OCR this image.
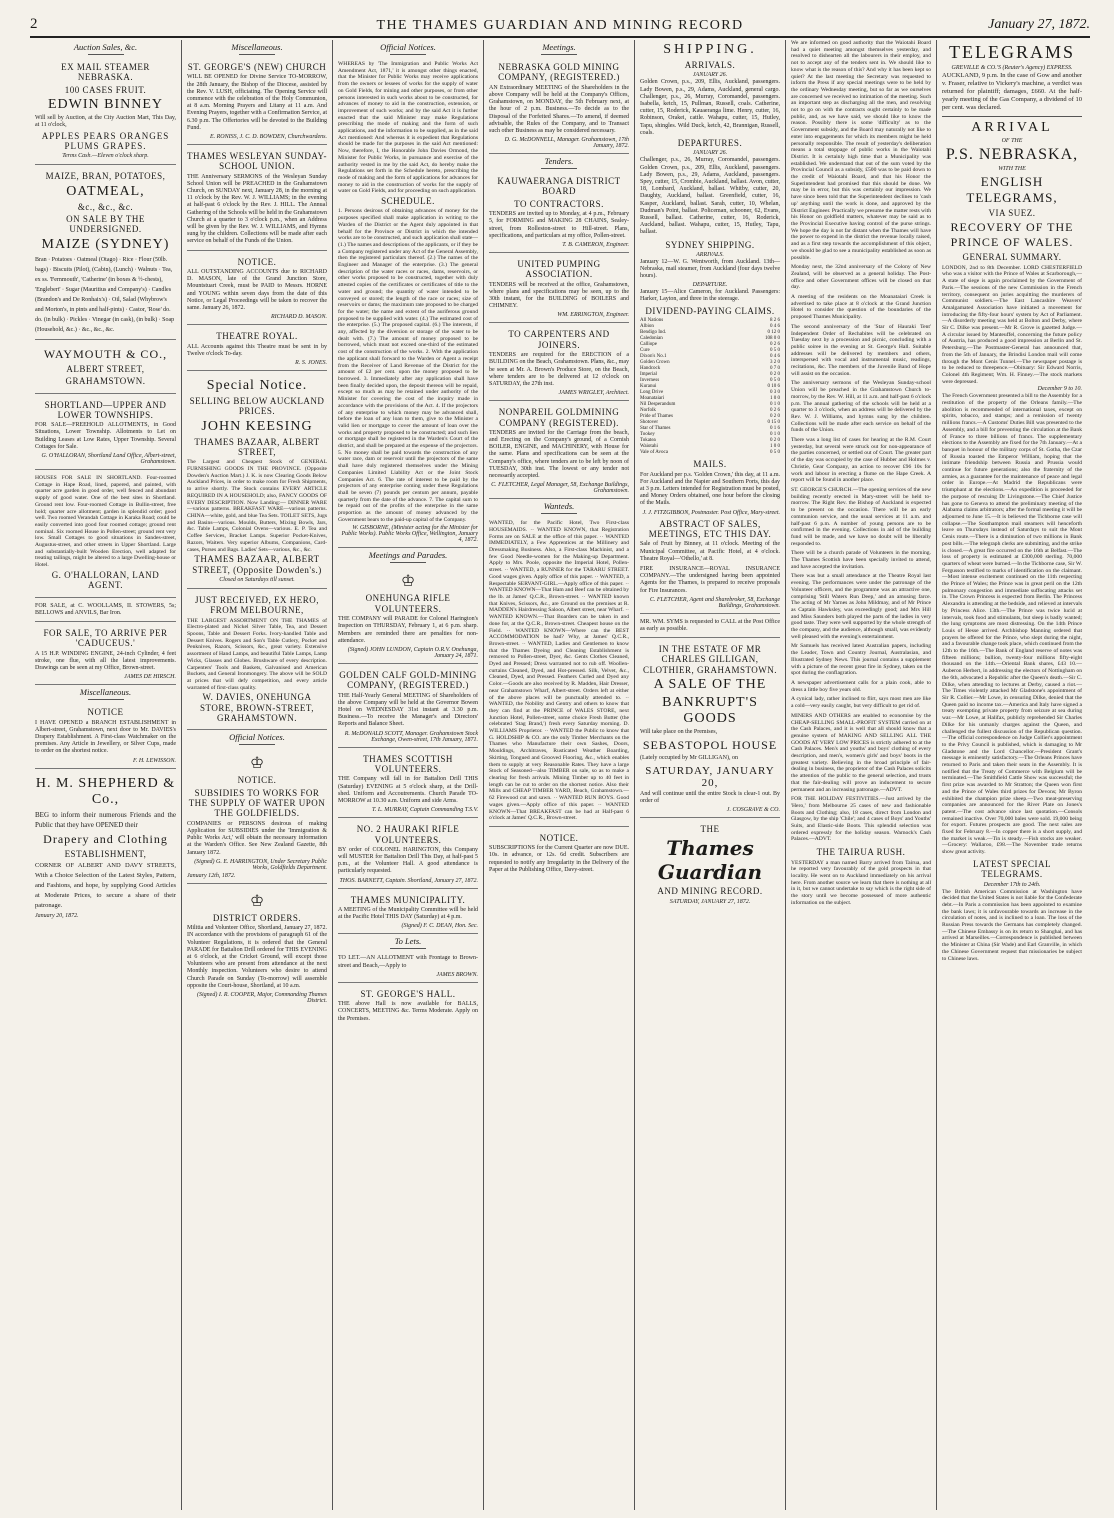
2	THE THAMES GUARDIAN AND MINING RECORD	January 27, 1872.
Auction Sales, &c.
EX MAIL STEAMER NEBRASKA.
100 CASES FRUIT.
EDWIN BINNEY

Will sell by Auction, at the City Auction Mart, This Day, at 11 o'clock,

APPLES PEARS ORANGES PLUMS GRAPES.
Terms Cash.—Eleven o'clock sharp.
MAIZE, BRAN, POTATOES,
OATMEAL,
&c., &c., &c.
ON SALE BY THE UNDERSIGNED.
MAIZE (SYDNEY)

Bran · Potatoes · Oatmeal (Otago) · Rice · Flour (50lb. bags) · Biscuits (Pilot), (Cabin), (Lunch) · Walnuts · Tea, ex ss. 'Fernmouth', 'Catherine' (in boxes & ½-chests), 'Englebert' · Sugar (Mauritius and Company's) · Candles (Brandon's and De Ronhaix's) · Oil, Salad (Whybrow's and Morton's, in pints and half-pints) · Castor, 'Rose' do. do. (in bulk) · Pickles · Vinegar (in cask), (in bulk) · Soap (Household, &c.) · &c., &c., &c.

WAYMOUTH & CO.,
ALBERT STREET,
GRAHAMSTOWN.
SHORTLAND—UPPER AND LOWER TOWNSHIPS.

FOR SALE—FREEHOLD ALLOTMENTS, in Good Situations, Lower Township. Allotments to Let on Building Leases at Low Rates, Upper Township. Several Cottages for Sale.

G. O'HALLORAN, Shortland Land Office, Albert-street, Grahamstown.

HOUSES FOR SALE IN SHORTLAND. Four-roomed Cottage in Hape Road, lined, papered, and painted, with quarter acre garden in good order, well fenced and abundant supply of good water. One of the best sites in Shortland. Ground rent low. Four-roomed Cottage in Bullin-street, free hold; quarter acre allotment; garden in splendid order; good well. Two roomed Verandah Cottage in Karaka Road; could be easily converted into good four roomed cottage; ground rent nominal. Six roomed House in Pollen-street; ground rent very low. Small Cottages to good situations in Sandes-street, Augustus-street, and other streets in Upper Shortland. Large and substantially-built Wooden Erection, well adapted for treating tailings, might be altered to a large Dwelling-house or Hotel.

G. O'HALLORAN, LAND AGENT.

FOR SALE, at C. WOOLLAMS, II. STOWERS, 5s; BELLOWS and ANVILS, Bar Iron.

FOR SALE, TO ARRIVE PER 'CADUCEUS.'

A 15 H.P. WINDING ENGINE, 24-inch Cylinder, 4 feet stroke, one flue, with all the latest improvements. Drawings can be seen at my Office, Brown-street.

JAMES DE HIRSCH.

Miscellaneous.
NOTICE

I HAVE OPENED a BRANCH ESTABLISHMENT in Albert-street, Grahamstown, next door to Mr. DAVIES's Drapery Establishment. A First-class Watchmaker on the premises. Any Article in Jewellery, or Silver Cups, made to order on the shortest notice.

F. H. LEWISSON.

H. M. SHEPHERD & Co.,

BEG to inform their numerous Friends and the Public that they have OPENED their

Drapery and Clothing
ESTABLISHMENT,

CORNER OF ALBERT AND DAVY STREETS, With a Choice Selection of the Latest Styles, Pattern, and Fashions, and hope, by supplying Good Articles at Moderate Prices, to secure a share of their patronage.

January 20, 1872.

Miscellaneous.
ST. GEORGE'S (NEW) CHURCH

WILL BE OPENED for Divine Service TO-MORROW, the 28th January, the Bishop of the Diocese, assisted by the Rev. V. LUSH, officiating. The Opening Service will commence with the celebration of the Holy Communion, at 8 a.m. Morning Prayers and Litany at 11 a.m. And Evening Prayers, together with a Confirmation Service, at 6.30 p.m. The Offertories will be devoted to the Building Fund.

E. RONISS, J. C. D. BOWDEN, Churchwardens.

THAMES WESLEYAN SUNDAY-SCHOOL UNION.

THE Anniversary SERMONS of the Wesleyan Sunday School Union will be PREACHED in the Grahamstown Church, on SUNDAY next, January 28, in the morning at 11 o'clock by the Rev. W. J. WILLIAMS; in the evening at half-past 6 o'clock by the Rev. J. HILL. The Annual Gathering of the Schools will be held in the Grahamstown Church at a quarter to 3 o'clock p.m., when an Address will be given by the Rev. W. J. WILLIAMS, and Hymns sung by the children. Collections will be made after each service on behalf of the Funds of the Union.

NOTICE.

ALL OUTSTANDING ACCOUNTS due to RICHARD D. MASON, late of the Grand Junction Store, Mountstuart Creek, must be PAID to Messrs. HORNE and YOUNG within seven days from the date of this Notice, or Legal Proceedings will be taken to recover the same. January 26, 1872.

RICHARD D. MASON.

THEATRE ROYAL.

ALL Accounts against this Theatre must be sent in by Twelve o'clock To-day.

R. S. JONES.

Special Notice.
SELLING BELOW AUCKLAND PRICES.
JOHN KEESING
THAMES BAZAAR, ALBERT STREET,

The Largest and Cheapest Stock of GENERAL FURNISHING GOODS IN THE PROVINCE. (Opposite Dowden's Auction Mart.) J. K. is now Clearing Goods Below Auckland Prices, in order to make room for Fresh Shipments, to arrive shortly. The Stock contains EVERY ARTICLE REQUIRED IN A HOUSEHOLD; also, FANCY GOODS OF EVERY DESCRIPTION. Now Landing:— DINNER WARE—various patterns. BREAKFAST WARE—various patterns. CHINA—white, gold, and blue Tea Sets. TOILET SETS, Jugs and Basins—various. Moulds, Butters, Mixing Bowls, Jars, &c. Table Lamps, Colonial Ovens—various. E. P. Tea and Coffee Services, Bracket Lamps. Superior Pocket-Knives, Razors, Waiters. Very superior Albums, Companions, Card-cases, Purses and Bags. Ladies' Sets—various, &c., &c.

THAMES BAZAAR, ALBERT STREET, (Opposite Dowden's.)
Closed on Saturdays till sunset.
JUST RECEIVED, EX HERO, FROM MELBOURNE,

THE LARGEST ASSORTMENT ON THE THAMES of Electro-plated and Nickel Silver Table, Tea, and Dessert Spoons, Table and Dessert Forks. Ivory-handled Table and Dessert Knives. Rogers and Son's Table Cutlery, Pocket and Penknives, Razors, Scissors, &c., great variety. Extensive assortment of Hand Lamps, and beautiful Table Lamps, Lamp Wicks, Glasses and Globes. Brushware of every description. Carpenters' Tools and Baskets, Galvanised and American Buckets, and General Ironmongery. The above will be SOLD at prices that will defy competition, and every article warranted of first-class quality.

W. DAVIES, ONEHUNGA STORE, BROWN-STREET, GRAHAMSTOWN.
Official Notices.
♔
NOTICE.
SUBSIDIES TO WORKS FOR THE SUPPLY OF WATER UPON THE GOLDFIELDS.

COMPANIES or PERSONS desirous of making Application for SUBSIDIES under the 'Immigration & Public Works Act,' will obtain the necessary information at the Warden's Office. See New Zealand Gazette, 8th January 1872.

(Signed) G. E. HARRINGTON, Under Secretary Public Works, Goldfields Department.

January 12th, 1872.

♔
DISTRICT ORDERS.

Militia and Volunteer Office, Shortland, January 27, 1872. IN accordance with the provisions of paragraph 61 of the Volunteer Regulations, it is ordered that the General PARADE for Battalion Drill ordered for THIS EVENING at 6 o'clock, at the Cricket Ground, will except those Volunteers who are present from attendance at the next Monthly inspection. Volunteers who desire to attend Church Parade on Sunday (To-morrow) will assemble opposite the Court-house, Shortland, at 10 a.m.

(Signed) I. R. COOPER, Major, Commanding Thames District.

Official Notices.

WHEREAS by 'The Immigration and Public Works Act Amendment Act, 1871,' it is amongst other things enacted, that the Minister for Public Works may receive applications from the owners or lessees of works for the supply of water on Gold Fields, for mining and other purposes, or from other persons interested in such works about to be constructed, for advances of money to aid in the construction, extension, or improvement of such works; and by the said Act it is further enacted that the said Minister may make Regulations prescribing the mode of making and the form of such applications, and the information to be supplied, as in the said Act mentioned: And whereas it is expedient that Regulations should be made for the purposes in the said Act mentioned: Now, therefore, I, the Honorable John Davies Ormond, the Minister for Public Works, in pursuance and exercise of the authority vested in me by the said Act, do hereby make the Regulations set forth in the Schedule hereto, prescribing the mode of making and the form of applications for advances for money to aid in the construction of works for the supply of water on Gold Fields, and for proceeding on such application.

SCHEDULE.

1. Persons desirous of obtaining advances of money for the purposes specified shall make application in writing to the Warden of the District or the Agent duly appointed in that behalf for the Province or District in which the intended works are to be constructed, and such application shall state— (1.) The names and descriptions of the applicants, or if they be a Company registered under any Act of the General Assembly, then the registered particulars thereof. (2.) The names of the Engineer and Manager of the enterprise. (3.) The general description of the water races or races, dams, reservoirs, or other works proposed to be constructed, together with duly attested copies of the certificates or certificates of title to the water and ground; the quantity of water intended to be conveyed or stored; the length of the race or races; size of reservoirs or dams; the maximum rate proposed to be charged for the water; the name and extent of the auriferous ground proposed to be supplied with water. (4.) The estimated cost of the enterprise. (5.) The proposed capital. (6.) The interests, if any, affected by the diversion or storage of the water to be dealt with. (7.) The amount of money proposed to be borrowed, which must not exceed one-third of the estimated cost of the construction of the works. 2. With the application the applicant shall forward to the Warden or Agent a receipt from the Receiver of Land Revenue of the District for the amount of £2 per cent. upon the money proposed to be borrowed. 3. Immediately after any application shall have been finally decided upon, the deposit thereon will be repaid, except so much as may be retained under authority of the Minister for covering the cost of the inquiry made in accordance with the provisions of the Act. 4. If the projectors of any enterprise to which money may be advanced shall, before the loan of any loan to them, give to the Minister a valid lien or mortgage to cover the amount of loan over the works and property proposed to be constructed; and such lien or mortgage shall be registered in the Warden's Court of the district, and shall be prepared at the expense of the projectors. 5. No money shall be paid towards the construction of any water race, dam or reservoir until the projectors of the same shall have duly registered themselves under the Mining Companies Limited Liability Act or the Joint Stock Companies Act. 6. The rate of interest to be paid by the projectors of any enterprise coming under these Regulations shall be seven (7) pounds per centum per annum, payable quarterly from the date of the advance. 7. The capital sum to be repaid out of the profits of the enterprise in the same proportion as the amount of money advanced by the Government bears to the paid-up capital of the Company.

W. GISBORNE, (Minister acting for the Minister for Public Works). Public Works Office, Wellington, January 4, 1872.

Meetings and Parades.
♔
ONEHUNGA RIFLE VOLUNTEERS.

THE COMPANY will PARADE for Colonel Harington's Inspection on THURSDAY, February 1, at 6 p.m. sharp. Members are reminded there are penalties for non-attendance.

(Signed) JOHN LUNDON, Captain O.R.V. Onehunga, January 24, 1871.

GOLDEN CALF GOLD-MINING COMPANY, (REGISTERED.)

THE Half-Yearly General MEETING of Shareholders of the above Company will be held at the Governor Bowen Hotel on WEDNESDAY 31st instant at 3.30 p.m. Business.—To receive the Manager's and Directors' Reports and Balance Sheet.

R. McDONALD SCOTT, Manager. Grahamstown Stock Exchange, Owen-street, 17th January, 1871.

THAMES SCOTTISH VOLUNTEERS.

THE Company will fall in for Battalion Drill THIS (Saturday) EVENING at 5 o'clock sharp, at the Drill-shed. Uniform and Accoutrements. Church Parade TO-MORROW at 10.30 a.m. Uniform and side Arms.

T. L. MURRAY, Captain Commanding T.S.V.

NO. 2 HAURAKI RIFLE VOLUNTEERS.

BY order of COLONEL HARINGTON, this Company will MUSTER for Battalion Drill This Day, at half-past 5 p.m., at the Volunteer Hall. A good attendance is particularly requested.

THOS. BARNETT, Captain. Shortland, January 27, 1872.

THAMES MUNICIPALITY.

A MEETING of the Municipality Committee will be held at the Pacific Hotel THIS DAY (Saturday) at 4 p.m.

(Signed) F. C. DEAN, Hon. Sec.

To Lets.

TO LET.—AN ALLOTMENT with Frontage to Brown-street and Beach,—Apply to

JAMES BROWN.

ST. GEORGE'S HALL.

THE above Hall is now available for BALLS, CONCERTS, MEETING &c. Terms Moderate. Apply on the Premises.

Meetings.
NEBRASKA GOLD MINING COMPANY, (REGISTERED.)

AN Extraordinary MEETING of the Shareholders in the above Company will be held at the Company's Offices, Grahamstown, on MONDAY, the 5th February next, at the hour of 2 p.m. Business.—To decide as to the Disposal of the Forfeited Shares.—To amend, if deemed advisable, the Rules of the Company, and to Transact such other Business as may be considered necessary.

D. G. McDONNELL, Manager. Grahamstown, 17th January, 1872.

Tenders.
KAUWAERANGA DISTRICT BOARD
TO CONTRACTORS.

TENDERS are invited up to Monday, at 4 p.m., February 5, for FORMING and MAKING 28 CHAINS, Sealey-street, from Rolleston-street to Hill-street. Plans, specifications, and particulars at my office, Pollen-street.

T. B. CAMERON, Engineer.

UNITED PUMPING ASSOCIATION.

TENDERS will be received at the office, Grahamstown, where plans and specifications may be seen, up to the 30th instant, for the BUILDING of BOILERS and CHIMNEY.

WM. ERRINGTON, Engineer.

TO CARPENTERS AND JOINERS.

TENDERS are required for the ERECTION of a BUILDING on the Beach, Grahamstown. Plans, &c., may be seen at Mr. A. Brown's Produce Store, on the Beach, where tenders are to be delivered at 12 o'clock on SATURDAY, the 27th inst.

JAMES WRIGLEY, Architect.

NONPAREIL GOLDMINING COMPANY (REGISTERED).

TENDERS are invited for the Carriage from the beach, and Erecting on the Company's ground, of a Cornish BOILER, ENGINE, and MACHINERY, with House for the same. Plans and specifications can be seen at the Company's office, where tenders are to be left by noon of TUESDAY, 30th inst. The lowest or any tender not necessarily accepted.

C. FLETCHER, Legal Manager, 58, Exchange Buildings, Grahamstown.

Wanteds.

WANTED, for the Pacific Hotel, Two First-class HOUSEMAIDS. ·· WANTED KNOWN, that Registration Forms are on SALE at the office of this paper. ·· WANTED IMMEDIATELY, a Few Apprentices at the Millinery and Dressmaking Business. Also, a First-class Machinist, and a few Good Needle-women for the Making-up Department. Apply to Mrs. Poole, opposite the Imperial Hotel, Pollen-street. ·· WANTED, a RUNNER for the TARARU STREET. Good wages given. Apply office of this paper. ·· WANTED, a Respectable SERVANT-GIRL.—Apply office of this paper. ·· WANTED KNOWN—That Ham and Beef can be obtained by the lb. at James' Q.C.R., Brown-street. ·· WANTED known that Knives, Scissors, &c., are Ground on the premises at R. MADDEN's Hairdressing Saloon, Albert street, near Wharf. ·· WANTED KNOWN.—That Boarders can be taken in and done for, at the Q.C.R., Brown-street. Cheapest house on the Field. ·· WANTED KNOWN—Where can the BEST ACCOMMODATION be had? Why, at James' Q.C.R., Brown-street. ·· WANTED, Ladies and Gentlemen to know that the Thames Dyeing and Cleaning Establishment is removed to Pollen-street, Dyer, &c. Gents Clothes Cleaned, Dyed and Pressed; Dress warranted not to rub off. Woollen-curtains Cleaned, Dyed, and Hot-pressed. Silk, Velvet, &c., Cleaned, Dyed, and Pressed. Feathers Curled and Dyed any Color.—Goods are also received by R. Madden, Hair Dresser, near Grahamstown Wharf, Albert-street. Orders left at either of the above places will be punctually attended to. ·· WANTED, the Nobility and Gentry and others to know that they can find at the PRINCE of WALES STORE, next Junction Hotel, Pollen-street, some choice Fresh Butter (the celebrated 'Stag Brand,') fresh every Saturday morning. D. WILLIAMS Proprietor. ·· WANTED the Public to know that G. HOLDSHIP & CO. are the only Timber Merchants on the Thames who Manufacture their own Sashes, Doors, Mouldings, Architraves, Rusticated Weather Boarding, Skirting, Tongued and Grooved Flooring, &c., which enables them to supply at very Reasonable Rates. They have a large Stock of Seasoned—also TIMBER on sale, so as to make a clearing for fresh arrivals. Mining Timber up to 40 feet in length can be cut to order on the shortest notice. Also their Mills and CHEAP TIMBER YARD, Beach, Grahamstown.—62 Firewood cut and sawn. ·· WANTED RUN BOYS. Good wages given.—Apply office of this paper. ·· WANTED KNOWN—That BREAKFAST can be had at Half-past 6 o'clock at James' Q.C.R., Brown-street.

NOTICE.

SUBSCRIPTIONS for the Current Quarter are now DUE. 10s. in advance, or 12s. 6d credit. Subscribers are requested to notify any Irregularity in the Delivery of the Paper at the Publishing Office, Davy-street.

SHIPPING.
ARRIVALS.
JANUARY 26.

Golden Crown, p.s., 209, Ellis, Auckland, passengers. Lady Bowen, p.s., 29, Adams, Auckland, general cargo. Challenger, p.s., 26, Murray, Coromandel, passengers. Isabella, ketch, 15, Pullman, Russell, coals. Catherine, cutter, 15, Roderick, Kauaeranga lime. Henry, cutter, 16, Robinson, Orakei, cattle. Wahapu, cutter, 15, Hutley, Tapu, shingles. Wild Duck, ketch, 42, Brannigan, Russell, coals.

DEPARTURES.
JANUARY 26.

Challenger, p.s., 26, Murray, Coromandel, passengers. Golden Crown, p.s., 209, Ellis, Auckland, passengers. Lady Bowen, p.s., 29, Adams, Auckland, passengers. Spey, cutter, 15, Crombie, Auckland, ballast. Avon, cutter, 18, Lombard, Auckland, ballast. Whitby, cutter, 20, Daughty, Auckland, ballast. Greenfield, cutter, 16, Kasper, Auckland, ballast. Sarah, cutter, 10, Whelan, Dudman's Point, ballast. Policeman, schooner, 62, Evans, Russell, ballast. Catherine, cutter, 16, Roderick, Auckland, ballast. Wahapu, cutter, 15, Hutley, Tapu, ballast.

SYDNEY SHIPPING.
ARRIVALS.

January 12—W. G. Wentworth, from Auckland. 13th—Nebraska, mail steamer, from Auckland (four days twelve hours).

DEPARTURE.

January 15—Alice Cameron, for Auckland. Passengers: Harker, Layton, and three in the steerage.

DIVIDEND-PAYING CLAIMS.
All Nations	8 2 6
Albion	0 4 6
Bendigo Ind.	0 12 0
Caledonian	108 0 0
Calliope	0 2 6
Cure	0 5 0
Dixon's No.1	0 4 6
Golden Crown	3 2 0
Handcock	0 7 0
Imperial	0 2 0
Inverness	0 5 0
Kuranui	0 10 6
Long Drive	0 3 0
Moanataiari	1 0 0
Nil Desperandum	0 1 0
Norfolk	0 2 6
Pride of Thames	0 2 0
Shotover	0 15 0
Star of Thames	0 1 6
Tookey	0 1 0
Tokatea	0 2 0
Waiotahi	1 0 0
Vale of Avoca	0 5 0
MAILS.

For Auckland per p.s. 'Golden Crown,' this day, at 11 a.m. For Auckland and the Napier and Southern Ports, this day at 3 p.m. Letters intended for Registration must be posted, and Money Orders obtained, one hour before the closing of the Mails.

J. J. FITZGIBBON, Postmaster. Post Office, Mary-street.

ABSTRACT OF SALES, MEETINGS, ETC THIS DAY.

Sale of Fruit by Binney, at 11 o'clock. Meeting of the Municipal Committee, at Pacific Hotel, at 4 o'clock. Theatre Royal—'Othello,' at 8.

FIRE INSURANCE—ROYAL INSURANCE COMPANY.—The undersigned having been appointed Agents for the Thames, is prepared to receive proposals for Fire Insurances.

C. FLETCHER, Agent and Sharebroker, 58, Exchange Buildings, Grahamstown.

MR. WM. SYMS is requested to CALL at the Post Office as early as possible.

IN THE ESTATE OF MR CHARLES GILLIGAN, CLOTHIER, GRAHAMSTOWN.
A SALE OF THE
BANKRUPT'S GOODS

Will take place on the Premises,

SEBASTOPOL HOUSE

(Lately occupied by Mr GILLIGAN), on

SATURDAY, JANUARY 20,

And will continue until the entire Stock is clear-1 out. By order of

J. COSGRAVE & CO.

THE
Thames Guardian
AND MINING RECORD.
SATURDAY, JANUARY 27, 1872.

We are informed on good authority that the Waiotahi Board had a quiet meeting amongst themselves yesterday, and resolved to dishearten all the labourers in their employ, and not to accept any of the tenders sent in. We should like to know what is the reason of this? And why it has been kept so quiet? At the last meeting the Secretary was requested to inform the Press if any special meetings were to be held by the ordinary Wednesday meeting, but so far as we ourselves are concerned we received no intimation of the meeting. Such an important step as discharging all the men, and resolving not to go on with the contracts ought certainly to be made public, and, as we have said, we should like to know the reason. Possibly there is some 'difficulty' as to the Government subsidy, and the Board may naturally not like to enter into engagements for which its members might be held personally responsible. The result of yesterday's deliberation means a total stoppage of public works in the Waiotahi District. It is certainly high time that a Municipality was established. We understand that out of the sum voted by the Provincial Council as a subsidy, £500 was to be paid down to the credit of Waiotahi Board, and that his Honor the Superintendent had promised that this should be done. We may be in error, but this was certainly our impression. We have since been told that the Superintendent declines to 'cash up' anything until the work is done, and approved by the District Engineer. Practically we presume the matter rests with his Honor on goldfield matters, whatever may be said as to the Provincial Executive having control of the purse strings. We hope the day is not far distant when the Thames will have the power to expend in the district the revenue locally raised, and as a first step towards the accomplishment of this object, we should be glad to see a municipality established as soon as possible.

Monday next, the 32nd anniversary of the Colony of New Zealand, will be observed as a general holiday. The Post-office and other Government offices will be closed on that day.

A meeting of the residents on the Moanataiari Creek is advertised to take place at 8 o'clock at the Grand Junction Hotel to consider the question of the boundaries of the proposed Thames Municipality.

The second anniversary of the 'Star of Hauraki Tent' Independent Order of Rechabites will be celebrated on Tuesday next by a procession and picnic, concluding with a public soiree in the evening at St. George's Hall. Suitable addresses will be delivered by members and others, interspersed with vocal and instrumental music, readings, recitations, &c. The members of the Juvenile Band of Hope will assist on the occasion.

The anniversary sermons of the Wesleyan Sunday-school Union will be preached in the Grahamstown Church to-morrow, by the Rev. W. Hill, at 11 a.m. and half-past 6 o'clock p.m. The annual gathering of the schools will be held at a quarter to 3 o'clock, when an address will be delivered by the Rev. W. J. Williams, and hymns sung by the children. Collections will be made after each service on behalf of the funds of the Union.

There was a long list of cases for hearing at the R.M. Court yesterday, but several were struck out for non-appearance of the parties concerned, or settled out of Court. The greater part of the day was occupied by the case of Hubber and Holmes v. Christie, Gear Company, an action to recover £96 10s for work and labour in erecting a flume on the Hape Creek. A report will be found in another place.

ST. GEORGE'S CHURCH.—The opening services of the new building recently erected in Mary-street will be held to-morrow. The Right Rev. the Bishop of Auckland is expected to be present on the occasion. There will be an early communion service, and the usual services at 11 a.m. and half-past 6 p.m. A number of young persons are to be confirmed in the evening. Collections in aid of the building fund will be made, and we have no doubt will be liberally responded to.

There will be a church parade of Volunteers in the morning. The Thames Scottish have been specially invited to attend, and have accepted the invitation.

There was but a small attendance at the Theatre Royal last evening. The performances were under the patronage of the Volunteer officers, and the programme was an attractive one, comprising 'Still Waters Run Deep,' and an amusing farce. The acting of Mr Yarnes as John Mildmay, and of Mr Prince as Captain Hawksley, was exceedingly good; and Mrs Hill and Miss Saunders both played the parts of the ladies in very good taste. They were well supported by the whole strength of the company, and the audience, although small, was evidently well pleased with the evening's entertainment.

Mr Samuels has received latest Australian papers, including the Leader, Town and Country Journal, Australasian, and Illustrated Sydney News. This journal contains a supplement with a picture of the recent great fire in Sydney, taken on the spot during the conflagration.

A newspaper advertisement calls for a plain cook, able to dress a little boy five years old.

A cynical lady, rather inclined to flirt, says most men are like a cold—very easily caught, but very difficult to get rid of.

MINERS AND OTHERS are enabled to economise by the CHEAP-SELLING SMALL-PROFIT SYSTEM carried on at the Cash Palaces, and it is well that all should know that a genuine system of MAKING AND SELLING ALL THE GOODS AT VERY LOW PRICES is strictly adhered to at the Cash Palaces. Men's and youths' and boys' clothing of every description, and men's, women's girls' and boys' boots in the greatest variety. Believing in the broad principle of fair-dealing in business, the proprietor of the Cash Palaces solicits the attention of the public to the general selection, and trusts that the fair-dealing will prove an inducement to secure permanent and an increasing patronage.—ADVT.

FOR THE HOLIDAY FESTIVITIES.—Just arrived by the 'Hero,' from Melbourne 25 cases of new and fashionable Boots and Clothing; also, 18 cases, direct from London and Glasgow, by the ship 'Chile'; and 4 cases of Boys' and Youths' Suits, and Elastic-side Boots. This splendid selection was ordered expressly for the holiday season. Warnock's Cash Palaces.—ADVT.

THE TAIRUA RUSH.

YESTERDAY a man named Barry arrived from Tairua, and he reported very favourably of the gold prospects in that locality. He went on to Auckland immediately on his arrival here. From another source we learn that there is nothing at all in it, but we cannot undertake to say which is the right side of the story until we become possessed of more authentic information on the subject.

TELEGRAMS
GREVILLE & CO.'S (Reuter's Agency) EXPRESS.

AUCKLAND, 9 p.m. In the case of Gow and another v. Fraser, relative to Vickery's machine, a verdict was returned for plaintiff; damages, £660. At the half-yearly meeting of the Gas Company, a dividend of 10 per cent. was declared.

ARRIVAL
OF THE
P.S. NEBRASKA,
WITH THE
ENGLISH TELEGRAMS,
VIA SUEZ.
RECOVERY OF THE PRINCE OF WALES.
GENERAL SUMMARY.

LONDON, 2nd to 8th December. LORD CHESTERFIELD who was a visitor with the Prince of Wales at Scarborough,—A state of siege is again proclaimed by the Government of Paris.—The sessions of the new Commission in the French territory, consequent on juries acquitting the murderers of Communist soldiers.—The East Lancashire Weavers' Amalgamated Association have initiated a movement for introducing the fifty-four hours' system by Act of Parliament.—A disorderly meeting was held at Bolton and Derby, where Sir C. Dilke was present.—Mr R. Grove is gazetted Judge.—A circular issued by Manteuffel, concerning the future policy of Austria, has produced a good impression at Berlin and St. Petersburg.—The Postmaster-General has announced that, from the 5th of January, the Brindisi London mail will come through the Mont Cenis Tunnel.—The newspaper postage is to be reduced to threepence.—Obituary: Sir Edward Norris, Colonel 4th Regiment; Wm. H. Finney.—The stock markets were depressed.

December 9 to 10.

The French Government presented a bill to the Assembly for a restitution of the property of the Orleans family.—The abolition is recommended of international taxes, except on spirits, tobacco, and stamps; and a remission of twenty millions francs.—A Customs' Duties Bill was presented to the Assembly, and a bill for preventing the circulation at the Bank of France to three billions of francs. The supplementary elections to the Assembly are fixed for the 7th January.—At a banquet in honour of the military corps of St. Gotha, the Czar of Russia toasted the Emperor William, hoping that the intimate friendship between Russia and Prussia would continue for future generations; also the fraternity of the armies, as a guarantee for the maintenance of peace and legal order in Europe.—At Madrid the Republicans were triumphant at the elections.—An expedition is proceeded for the purpose of rescuing Dr Livingstone.—The Chief Justice has gone to Geneva to attend the preliminary meeting of the Alabama claims arbitrators; after the formal meeting it will be adjourned to June 15.—It is believed the Tichborne case will collapse.—The Southampton mail steamers will henceforth leave on Thursdays instead of Saturdays to suit the Mont Cenis route.—There is a diminution of two millions in Bank post bills.—The telegraph clerks are submitting, and the strike is closed.—A great fire occurred on the 16th at Belfast.—The loss of property is estimated at £300,000 sterling. 70,000 quarters of wheat were burned.—In the Tichborne case, Sir W. Fergusson testified to marks of identification on the claimant.—Most intense excitement continued on the 11th respecting the Prince of Wales; the Prince was in great peril on the 12th pulmonary congestion and immediate suffocating attacks set in. The Crown Princess is expected from Berlin. The Princess Alexandra is attending at the bedside, and relieved at intervals by Princess Alice. 13th.—The Prince was twice lucid at intervals, took food and stimulants, but sleep is badly wanted; the lung symptoms are most distressing. On the 14th Prince Louis of Hesse arrived. Archbishop Manning ordered that prayers be offered for the Prince, who slept during the night, and a favourable change took place, which continued from the 12th to the 16th.—The Bank of England reserve of notes was fifteen millions; bullion, twenty-four millions fifty-eight thousand on the 14th.—Oriental Bank shares, £43 10.—Auberon Herbert, in addressing the electors of Nottingham on the 6th, advocated a Republic after the Queen's death.—Sir C. Dilke, when attending to lectures at Derby, caused a riot.—The Times violently attacked Mr Gladstone's appointment of Sir R. Collier.—Mr Lowe, in censuring Dilke, denied that the Queen paid no income tax.—America and Italy have signed a treaty exempting private property from seizure at sea during war.—Mr Lowe, at Halifax, publicly reprehended Sir Charles Dilke for his unmanly charges against the Queen, and challenged the fullest discussion of the Republican question.—The official correspondence on Judge Collier's appointment to the Privy Council is published, which is damaging to Mr Gladstone and the Lord Chancellor.—President Grant's message is eminently satisfactory.—The Orleans Princes have returned to Paris and taken their seats in the Assembly. It is notified that the Treaty of Commerce with Belgium will be terminated.—The Smithfield Cattle Show was successful; the first prize was awarded to Mr Stratton; the Queen won first and the Prince of Wales third prizes for Devons; Mr Byron exhibited the champion prize sheep.—Two meat-preserving companies are announced for the River Plate on Jones's patent.—The cost advance since last quotation.—Consols remained inactive. Over 70,000 bales were sold. 19,000 being for export. Futures prospects are good. The next sales are fixed for February 8.—In copper there is a short supply, and the market is weak.—Tin is steady.—Fish stocks are weaker.—Grocery: Wallaroo, £98.—The November trade returns show great activity.

LATEST SPECIAL TELEGRAMS.
December 17th to 24th.

The British American Commission at Washington have decided that the United States is not liable for the Confederate debt.—In Paris a commission has been appointed to examine the bank laws; it is unfavourable towards an increase in the circulation of notes, and is inclined to a loan. The loss of the Russian Press towards the Germans has completely changed.—The Chinese Embassy is on its return to Shanghai, and has arrived at Marseilles.—Correspondence is published between the Minister at China (Sir Wade) and Earl Granville, in which the Chinese Government request that missionaries be subject to Chinese laws.
